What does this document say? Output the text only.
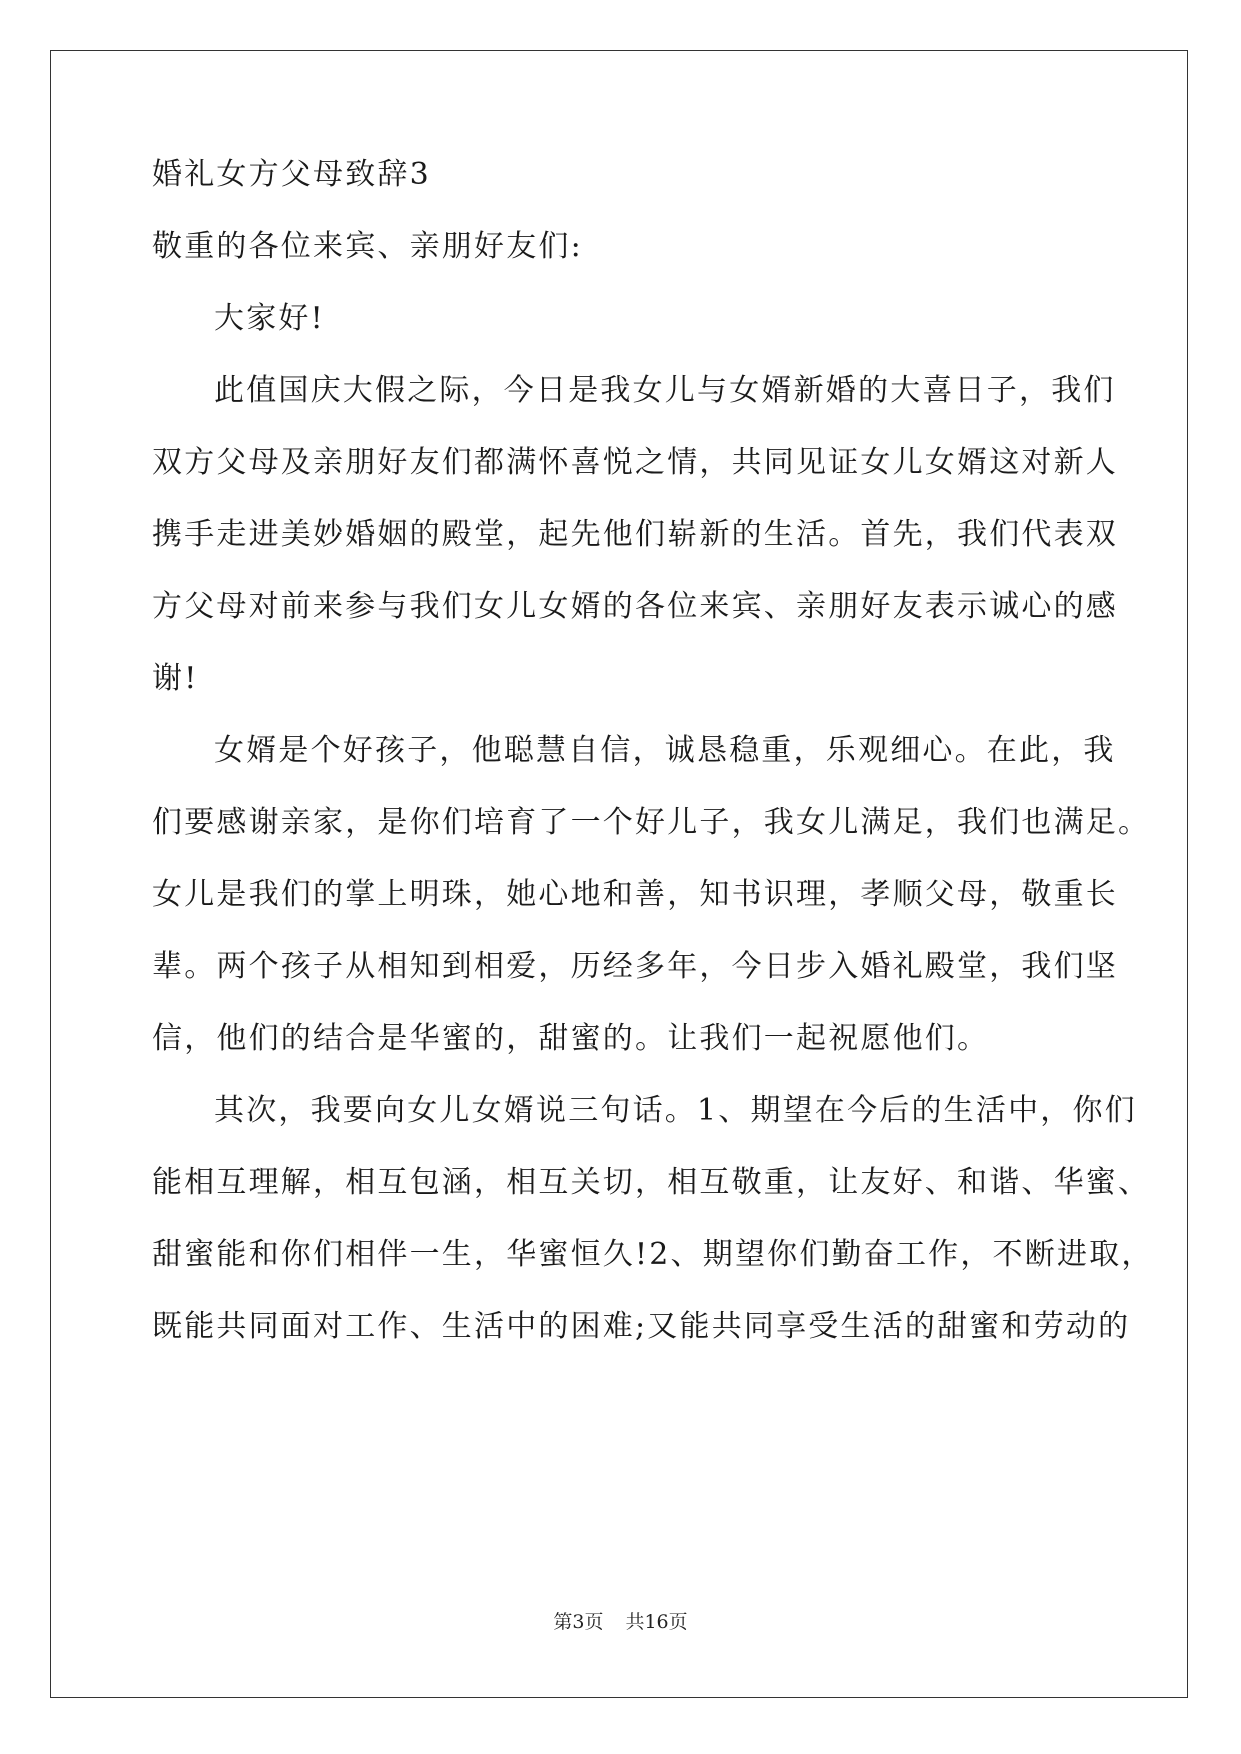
婚礼女方父母致辞3
敬重的各位来宾、亲朋好友们:
大家好!
此值国庆大假之际，今日是我女儿与女婿新婚的大喜日子，我们
双方父母及亲朋好友们都满怀喜悦之情，共同见证女儿女婿这对新人
携手走进美妙婚姻的殿堂，起先他们崭新的生活。首先，我们代表双
方父母对前来参与我们女儿女婿的各位来宾、亲朋好友表示诚心的感
谢!
女婿是个好孩子，他聪慧自信，诚恳稳重，乐观细心。在此，我
们要感谢亲家，是你们培育了一个好儿子，我女儿满足，我们也满足。
女儿是我们的掌上明珠，她心地和善，知书识理，孝顺父母，敬重长
辈。两个孩子从相知到相爱，历经多年，今日步入婚礼殿堂，我们坚
信，他们的结合是华蜜的，甜蜜的。让我们一起祝愿他们。
其次，我要向女儿女婿说三句话。1、期望在今后的生活中，你们
能相互理解，相互包涵，相互关切，相互敬重，让友好、和谐、华蜜、
甜蜜能和你们相伴一生，华蜜恒久!2、期望你们勤奋工作，不断进取，
既能共同面对工作、生活中的困难;又能共同享受生活的甜蜜和劳动的
第3页 共16页
